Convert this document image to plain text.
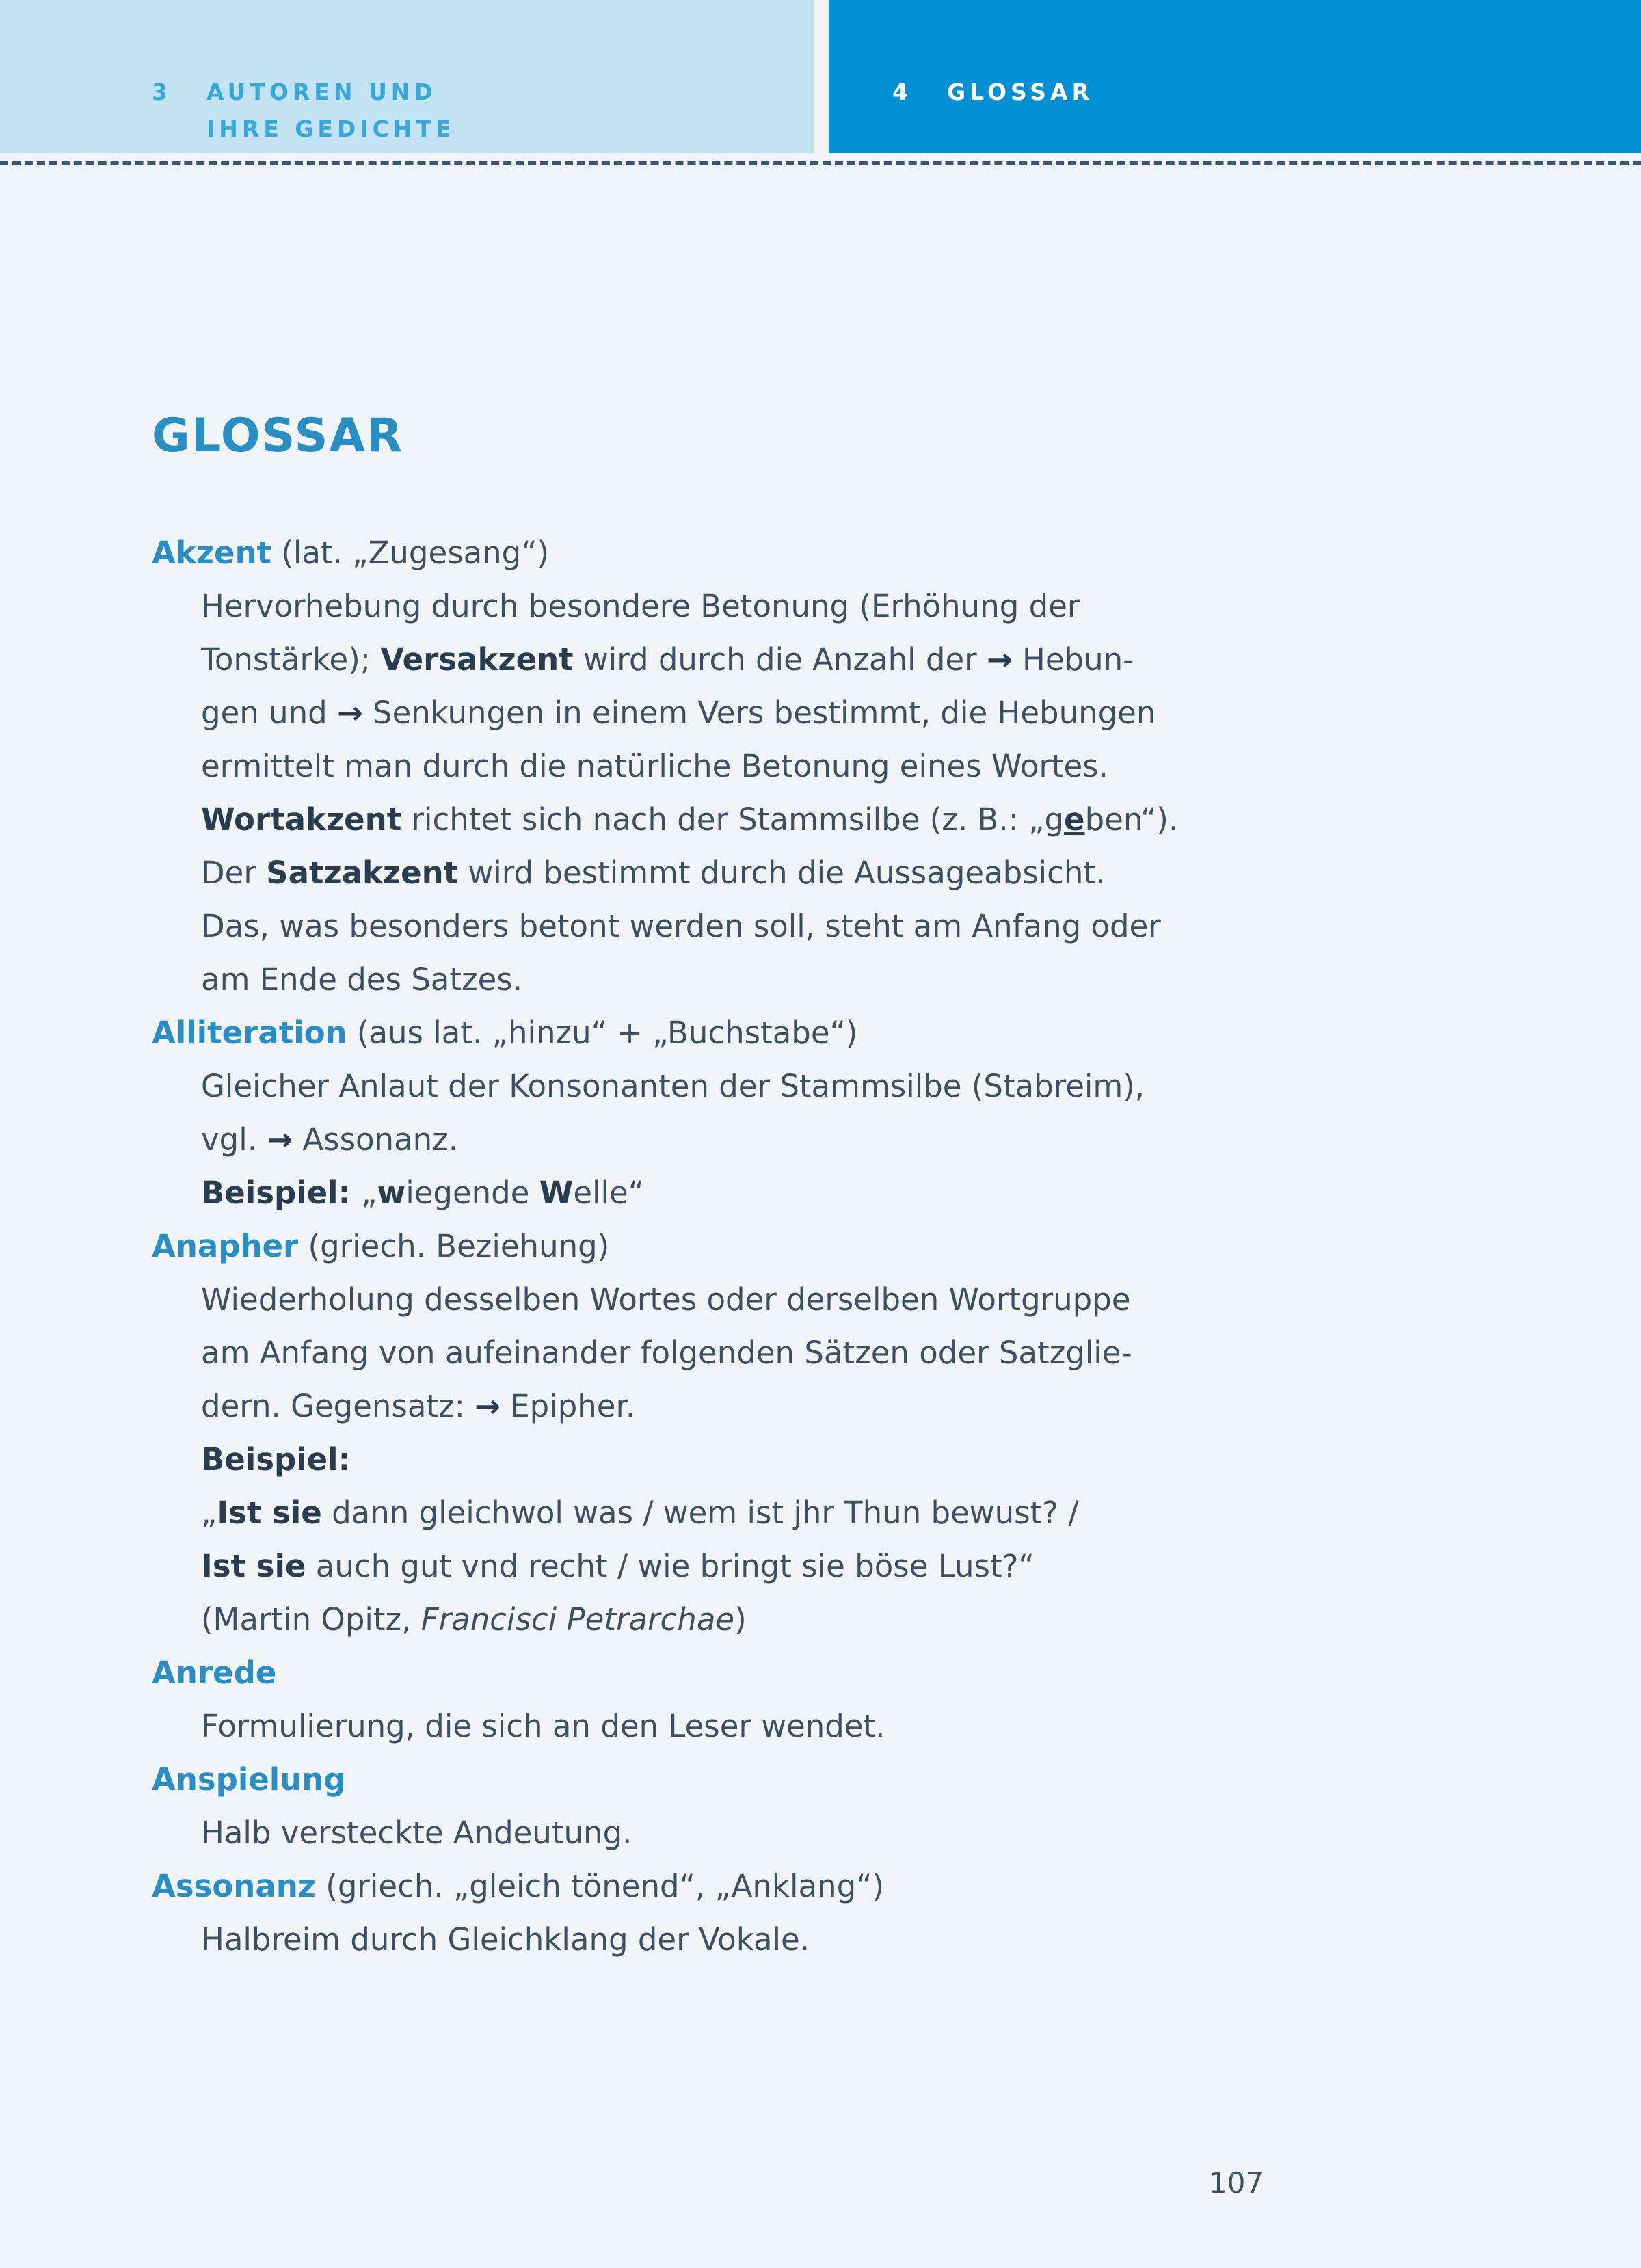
3 AUTOREN UND
IHRE GEDICHTE
4 GLOSSAR
GLOSSAR
Akzent (lat. „Zugesang“)

Hervorhebung durch besondere Betonung (Erhöhung der

Tonstärke); Versakzent wird durch die Anzahl der → Hebun-

gen und → Senkungen in einem Vers bestimmt, die Hebungen

ermittelt man durch die natürliche Betonung eines Wortes.

Wortakzent richtet sich nach der Stammsilbe (z. B.: „geben“).

Der Satzakzent wird bestimmt durch die Aussageabsicht.

Das, was besonders betont werden soll, steht am Anfang oder

am Ende des Satzes.

Alliteration (aus lat. „hinzu“ + „Buchstabe“)

Gleicher Anlaut der Konsonanten der Stammsilbe (Stabreim),

vgl. → Assonanz.

Beispiel: „wiegende Welle“

Anapher (griech. Beziehung)

Wiederholung desselben Wortes oder derselben Wortgruppe

am Anfang von aufeinander folgenden Sätzen oder Satzglie-

dern. Gegensatz: → Epipher.

Beispiel:

„Ist sie dann gleichwol was / wem ist jhr Thun bewust? /

Ist sie auch gut vnd recht / wie bringt sie böse Lust?“

(Martin Opitz, Francisci Petrarchae)

Anrede

Formulierung, die sich an den Leser wendet.

Anspielung

Halb versteckte Andeutung.

Assonanz (griech. „gleich tönend“, „Anklang“)

Halbreim durch Gleichklang der Vokale.

107
